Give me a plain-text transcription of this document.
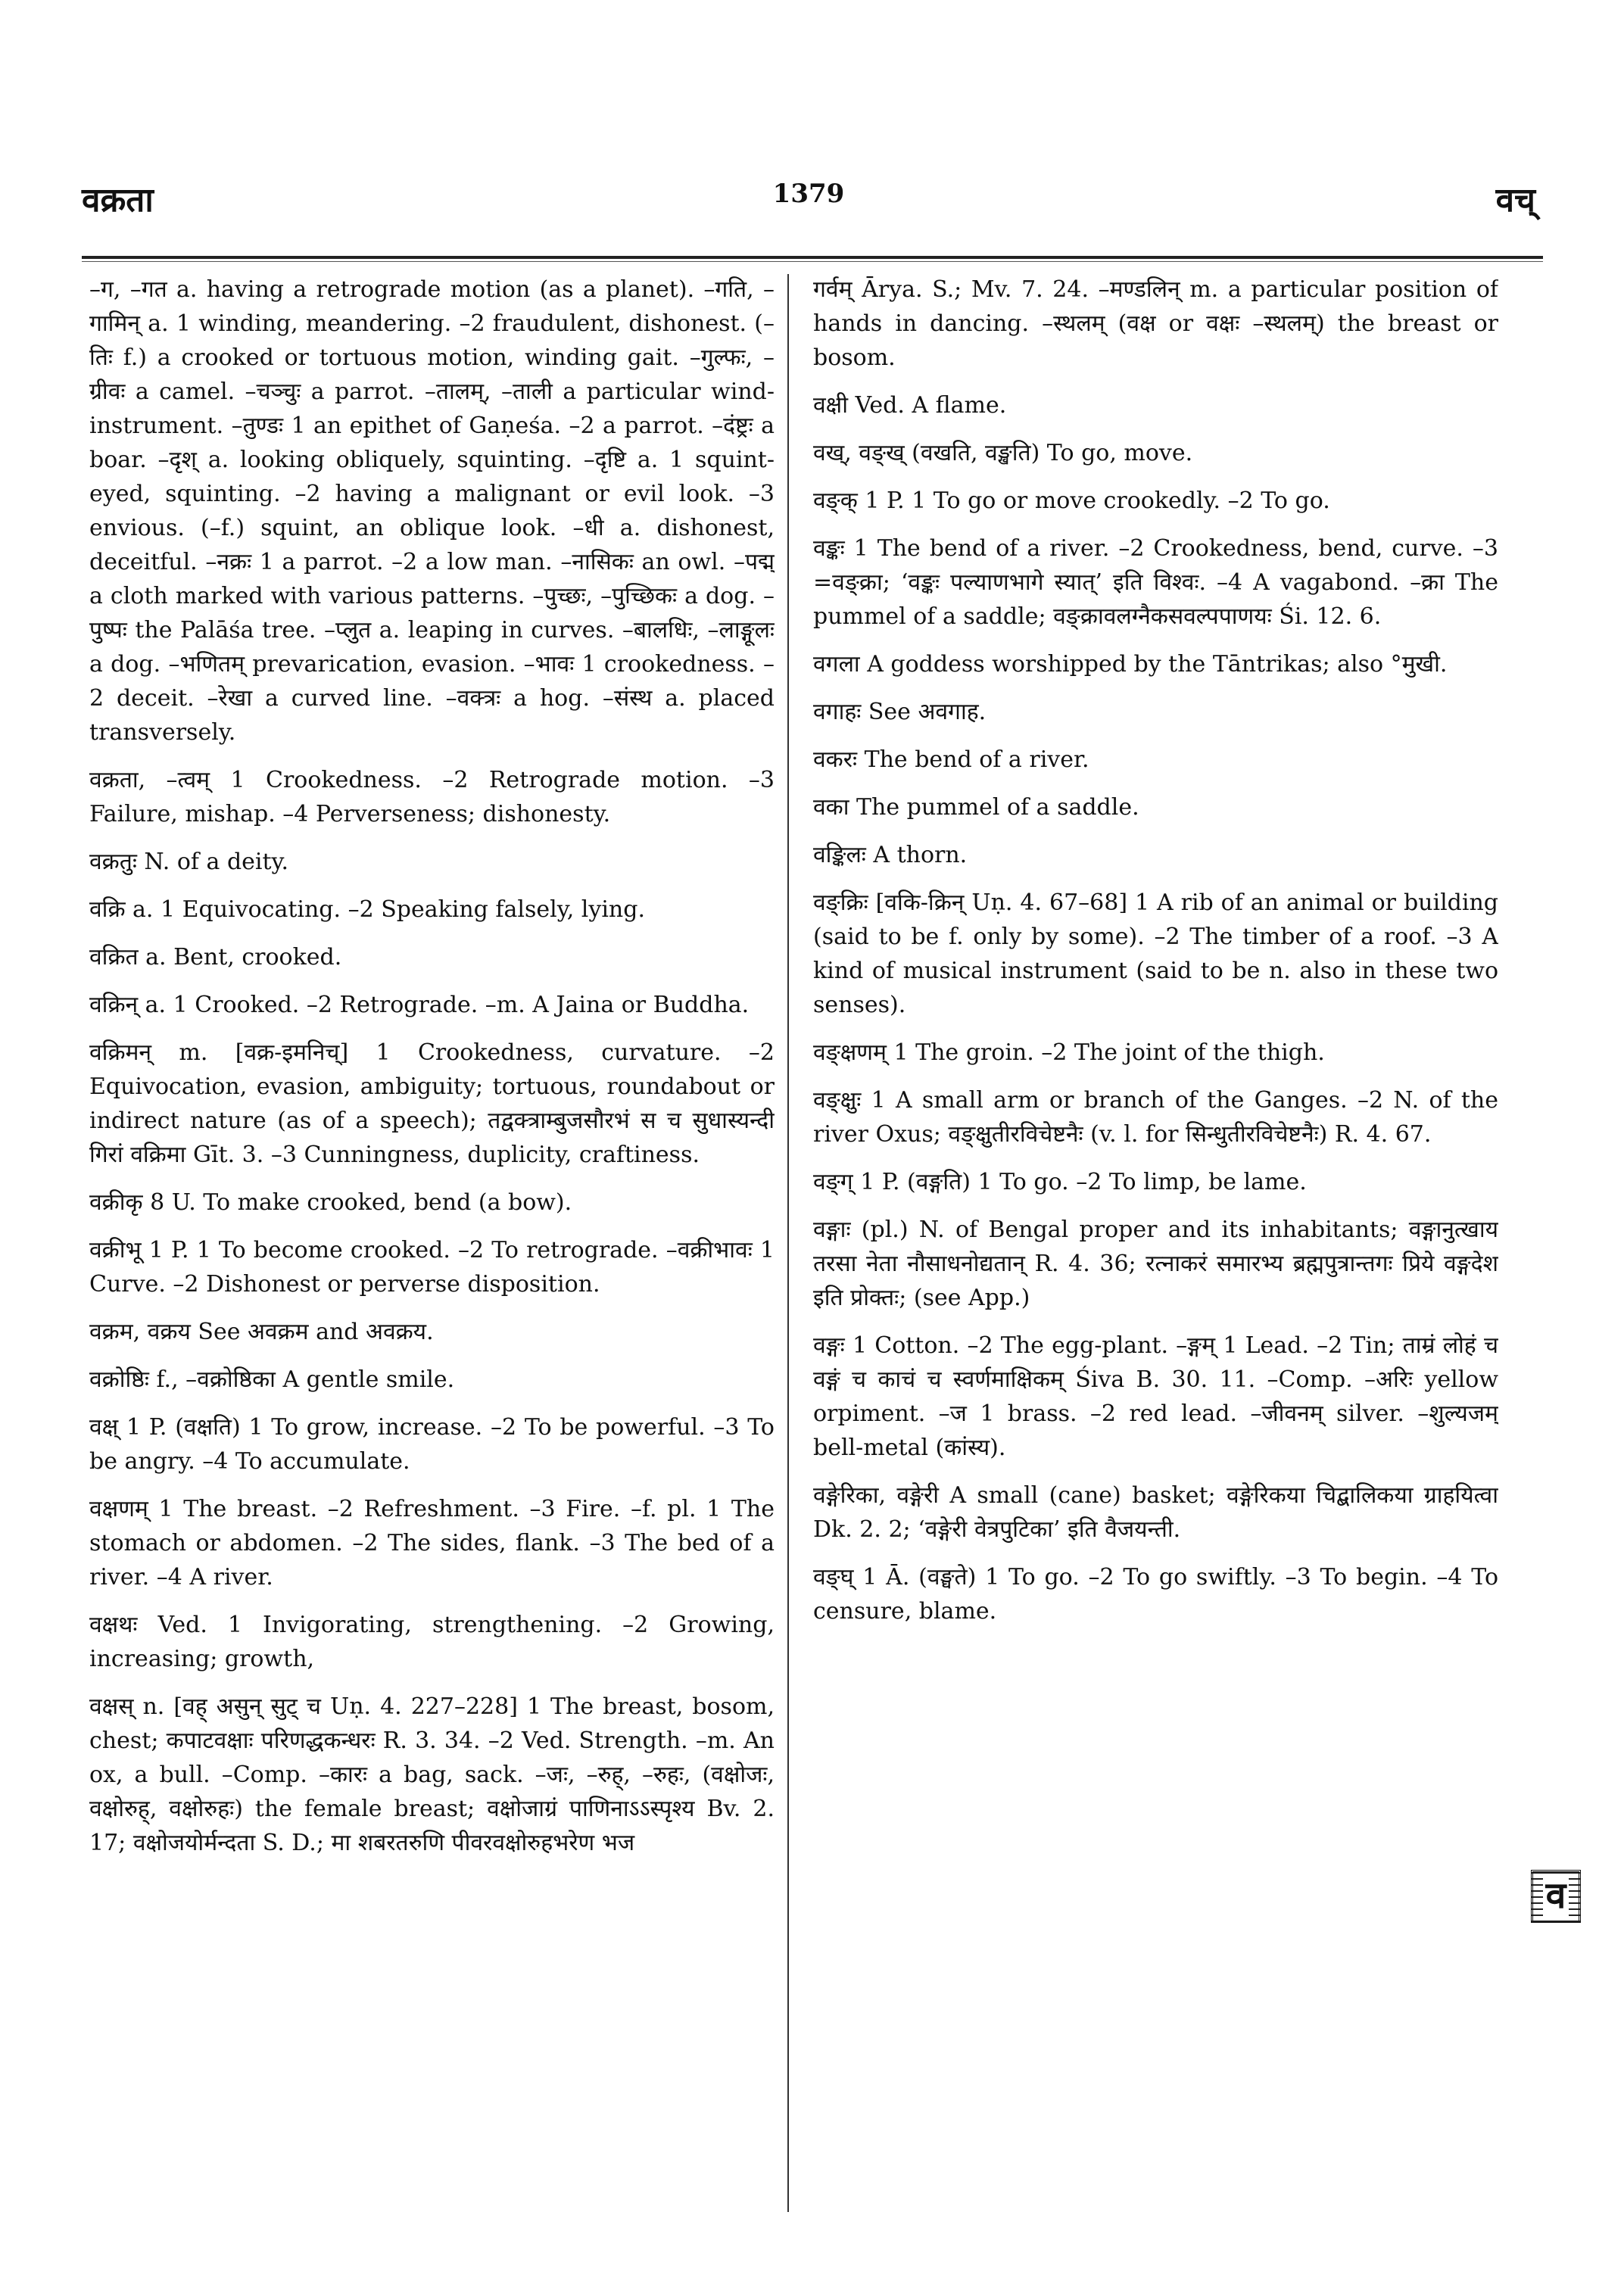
वक्रता	1379	वच्

–ग, –गत a. having a retrograde motion (as a planet). –गति, –गामिन् a. 1 winding, meandering. –2 fraudulent, dishonest. (–तिः f.) a crooked or tortuous motion, winding gait. –गुल्फः, –ग्रीवः a camel. –चञ्चुः a parrot. –तालम्, –ताली a particular wind-instrument. –तुण्डः 1 an epithet of Gaṇeśa. –2 a parrot. –दंष्ट्रः a boar. –दृश् a. looking obliquely, squinting. –दृष्टि a. 1 squint-eyed, squinting. –2 having a malignant or evil look. –3 envious. (–f.) squint, an oblique look. –धी a. dishonest, deceitful. –नक्रः 1 a parrot. –2 a low man. –नासिकः an owl. –पद्म् a cloth marked with various patterns. –पुच्छः, –पुच्छिकः a dog. –पुष्पः the Palāśa tree. –प्लुत a. leaping in curves. –बालधिः, –लाङ्गूलः a dog. –भणितम् prevarication, evasion. –भावः 1 crookedness. –2 deceit. –रेखा a curved line. –वक्त्रः a hog. –संस्थ a. placed transversely.

वक्रता, –त्वम् 1 Crookedness. –2 Retrograde motion. –3 Failure, mishap. –4 Perverseness; dishonesty.

वक्रतुः N. of a deity.

वक्रि a. 1 Equivocating. –2 Speaking falsely, lying.

वक्रित a. Bent, crooked.

वक्रिन् a. 1 Crooked. –2 Retrograde. –m. A Jaina or Buddha.

वक्रिमन् m. [वक्र-इमनिच्] 1 Crookedness, curvature. –2 Equivocation, evasion, ambiguity; tortuous, roundabout or indirect nature (as of a speech); तद्वक्त्राम्बुजसौरभं स च सुधास्यन्दी गिरां वक्रिमा Gīt. 3. –3 Cunningness, duplicity, craftiness.

वक्रीकृ 8 U. To make crooked, bend (a bow).

वक्रीभू 1 P. 1 To become crooked. –2 To retrograde. –वक्रीभावः 1 Curve. –2 Dishonest or perverse disposition.

वक्रम, वक्रय See अवक्रम and अवक्रय.

वक्रोष्ठिः f., –वक्रोष्ठिका A gentle smile.

वक्ष् 1 P. (वक्षति) 1 To grow, increase. –2 To be powerful. –3 To be angry. –4 To accumulate.

वक्षणम् 1 The breast. –2 Refreshment. –3 Fire. –f. pl. 1 The stomach or abdomen. –2 The sides, flank. –3 The bed of a river. –4 A river.

वक्षथः Ved. 1 Invigorating, strengthening. –2 Growing, increasing; growth,

वक्षस् n. [वह् असुन् सुट् च Uṇ. 4. 227–228] 1 The breast, bosom, chest; कपाटवक्षाः परिणद्धकन्धरः R. 3. 34. –2 Ved. Strength. –m. An ox, a bull. –Comp. –कारः a bag, sack. –जः, –रुह्, –रुहः, (वक्षोजः, वक्षोरुह्, वक्षोरुहः) the female breast; वक्षोजाग्रं पाणिनाऽऽस्पृश्य Bv. 2. 17; वक्षोजयोर्मन्दता S. D.; मा शबरतरुणि पीवरवक्षोरुहभरेण भज

गर्वम् Ārya. S.; Mv. 7. 24. –मण्डलिन् m. a particular position of hands in dancing. –स्थलम् (वक्ष or वक्षः –स्थलम्) the breast or bosom.

वक्षी Ved. A flame.

वख्, वङ्ख् (वखति, वङ्खति) To go, move.

वङ्क् 1 P. 1 To go or move crookedly. –2 To go.

वङ्कः 1 The bend of a river. –2 Crookedness, bend, curve. –3 =वङ्क्रा; ‘वङ्कः पल्याणभागे स्यात्’ इति विश्वः. –4 A vagabond. –क्रा The pummel of a saddle; वङ्क्रावलग्नैकसवल्पपाणयः Śi. 12. 6.

वगला A goddess worshipped by the Tāntrikas; also °मुखी.

वगाहः See अवगाह.

वकरः The bend of a river.

वका The pummel of a saddle.

वङ्किलः A thorn.

वङ्क्रिः [वकि-क्रिन् Uṇ. 4. 67–68] 1 A rib of an animal or building (said to be f. only by some). –2 The timber of a roof. –3 A kind of musical instrument (said to be n. also in these two senses).

वङ्क्षणम् 1 The groin. –2 The joint of the thigh.

वङ्क्षुः 1 A small arm or branch of the Ganges. –2 N. of the river Oxus; वङ्क्षुतीरविचेष्टनैः (v. l. for सिन्धुतीरविचेष्टनैः) R. 4. 67.

वङ्ग् 1 P. (वङ्गति) 1 To go. –2 To limp, be lame.

वङ्गाः (pl.) N. of Bengal proper and its inhabitants; वङ्गानुत्खाय तरसा नेता नौसाधनोद्यतान् R. 4. 36; रत्नाकरं समारभ्य ब्रह्मपुत्रान्तगः प्रिये वङ्गदेश इति प्रोक्तः; (see App.)

वङ्गः 1 Cotton. –2 The egg-plant. –ङ्गम् 1 Lead. –2 Tin; ताम्रं लोहं च वङ्गं च काचं च स्वर्णमाक्षिकम् Śiva B. 30. 11. –Comp. –अरिः yellow orpiment. –ज 1 brass. –2 red lead. –जीवनम् silver. –शुल्यजम् bell-metal (कांस्य).

वङ्गेरिका, वङ्गेरी A small (cane) basket; वङ्गेरिकया चिद्बालिकया ग्राहयित्वा Dk. 2. 2; ‘वङ्गेरी वेत्रपुटिका’ इति वैजयन्ती.

वङ्घ् 1 Ā. (वङ्घते) 1 To go. –2 To go swiftly. –3 To begin. –4 To censure, blame.

व
